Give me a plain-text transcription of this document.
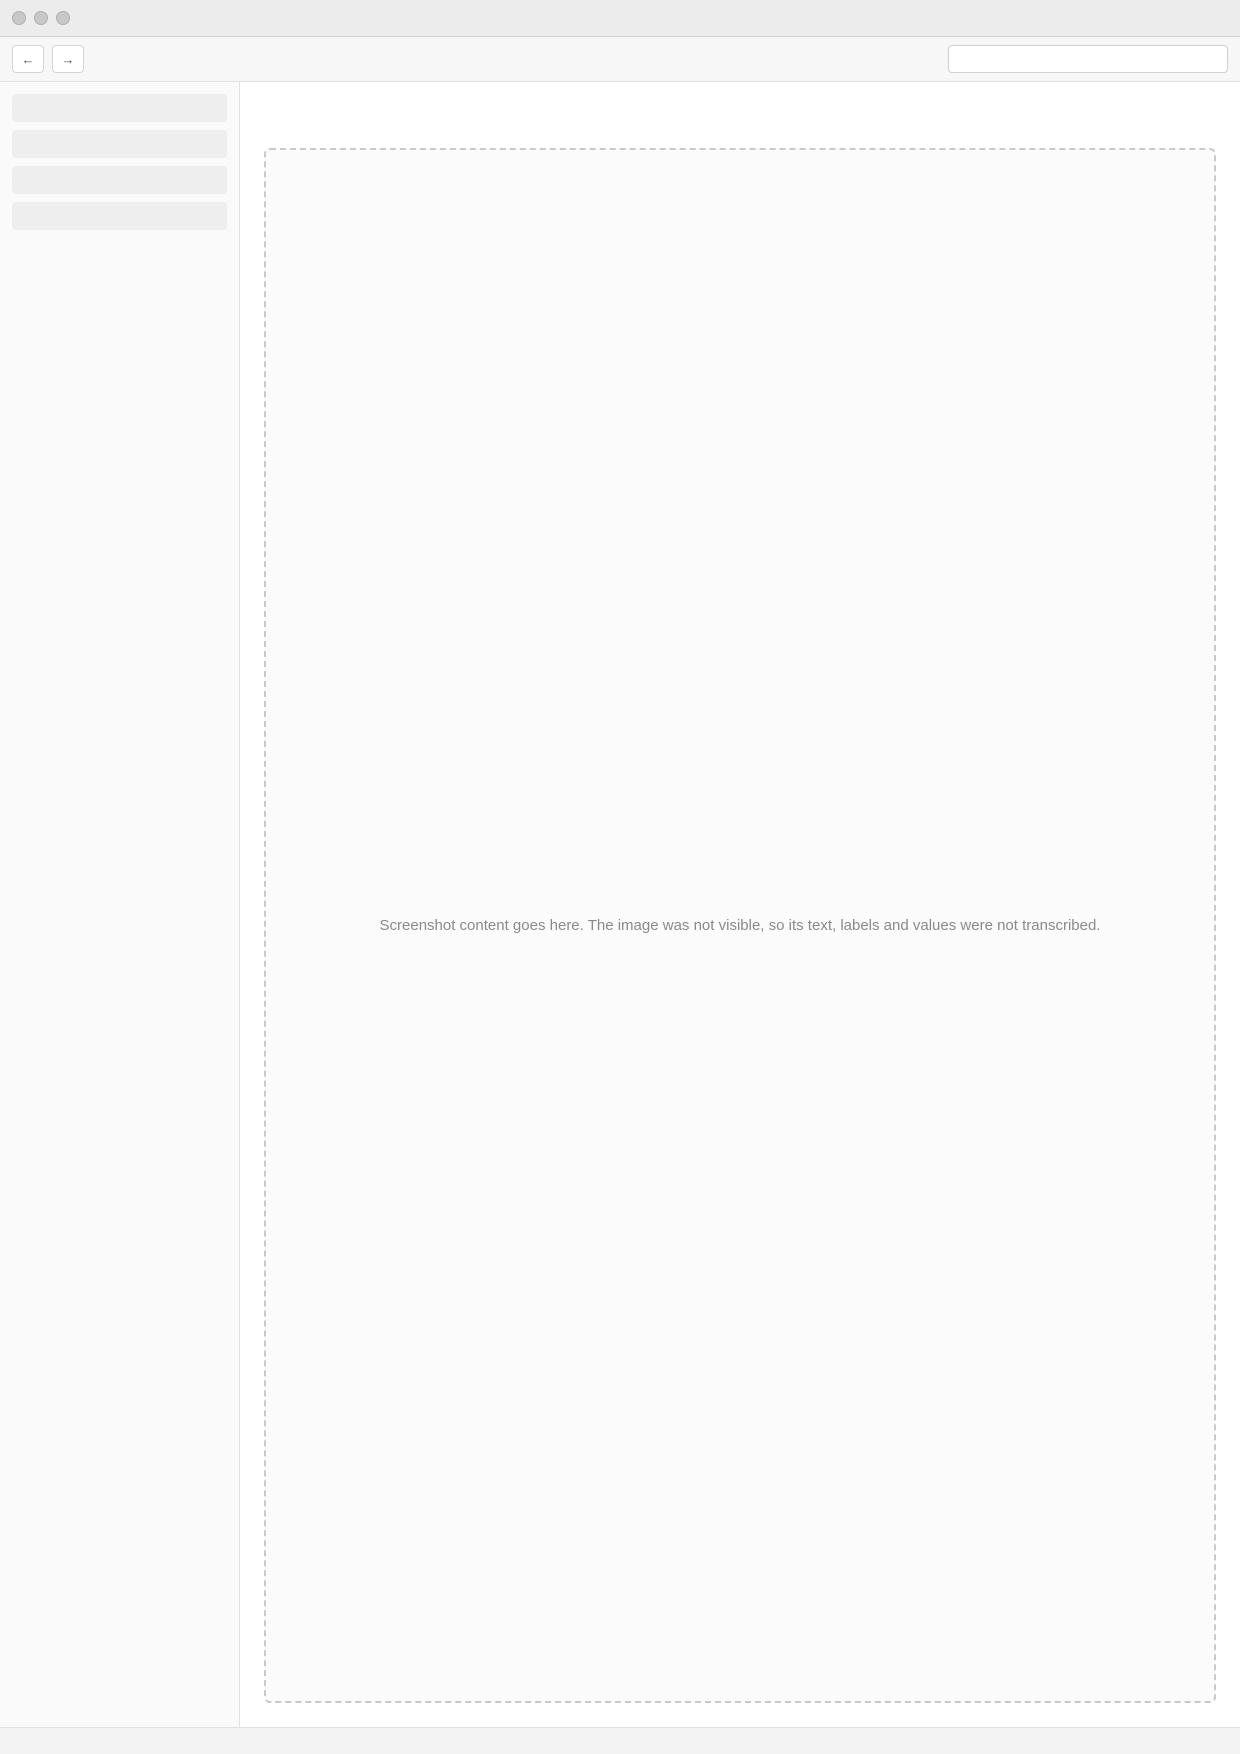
←	→
Screenshot content goes here. The image was not visible, so its text, labels and values were not transcribed.
